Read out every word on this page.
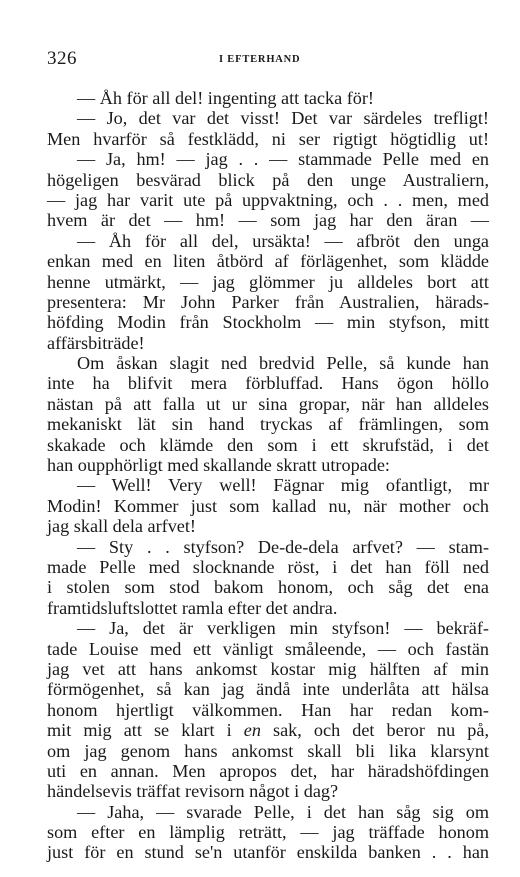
326	I EFTERHAND
— Åh för all del! ingenting att tacka för!
— Jo, det var det visst! Det var särdeles trefligt!
Men hvarför så festklädd, ni ser rigtigt högtidlig ut!
— Ja, hm! — jag . . — stammade Pelle med en
högeligen besvärad blick på den unge Australiern,
— jag har varit ute på uppvaktning, och . . men, med
hvem är det — hm! — som jag har den äran —
— Åh för all del, ursäkta! — afbröt den unga
enkan med en liten åtbörd af förlägenhet, som klädde
henne utmärkt, — jag glömmer ju alldeles bort att
presentera: Mr John Parker från Australien, härads-
höfding Modin från Stockholm — min styfson, mitt
affärsbiträde!
Om åskan slagit ned bredvid Pelle, så kunde han
inte ha blifvit mera förbluffad. Hans ögon höllo
nästan på att falla ut ur sina gropar, när han alldeles
mekaniskt lät sin hand tryckas af främlingen, som
skakade och klämde den som i ett skrufstäd, i det
han oupphörligt med skallande skratt utropade:
— Well! Very well! Fägnar mig ofantligt, mr
Modin! Kommer just som kallad nu, när mother och
jag skall dela arfvet!
— Sty . . styfson? De-de-dela arfvet? — stam-
made Pelle med slocknande röst, i det han föll ned
i stolen som stod bakom honom, och såg det ena
framtidsluftslottet ramla efter det andra.
— Ja, det är verkligen min styfson! — bekräf-
tade Louise med ett vänligt småleende, — och fastän
jag vet att hans ankomst kostar mig hälften af min
förmögenhet, så kan jag ändå inte underlåta att hälsa
honom hjertligt välkommen. Han har redan kom-
mit mig att se klart i en sak, och det beror nu på,
om jag genom hans ankomst skall bli lika klarsynt
uti en annan. Men apropos det, har häradshöfdingen
händelsevis träffat revisorn något i dag?
— Jaha, — svarade Pelle, i det han såg sig om
som efter en lämplig reträtt, — jag träffade honom
just för en stund se'n utanför enskilda banken . . han
